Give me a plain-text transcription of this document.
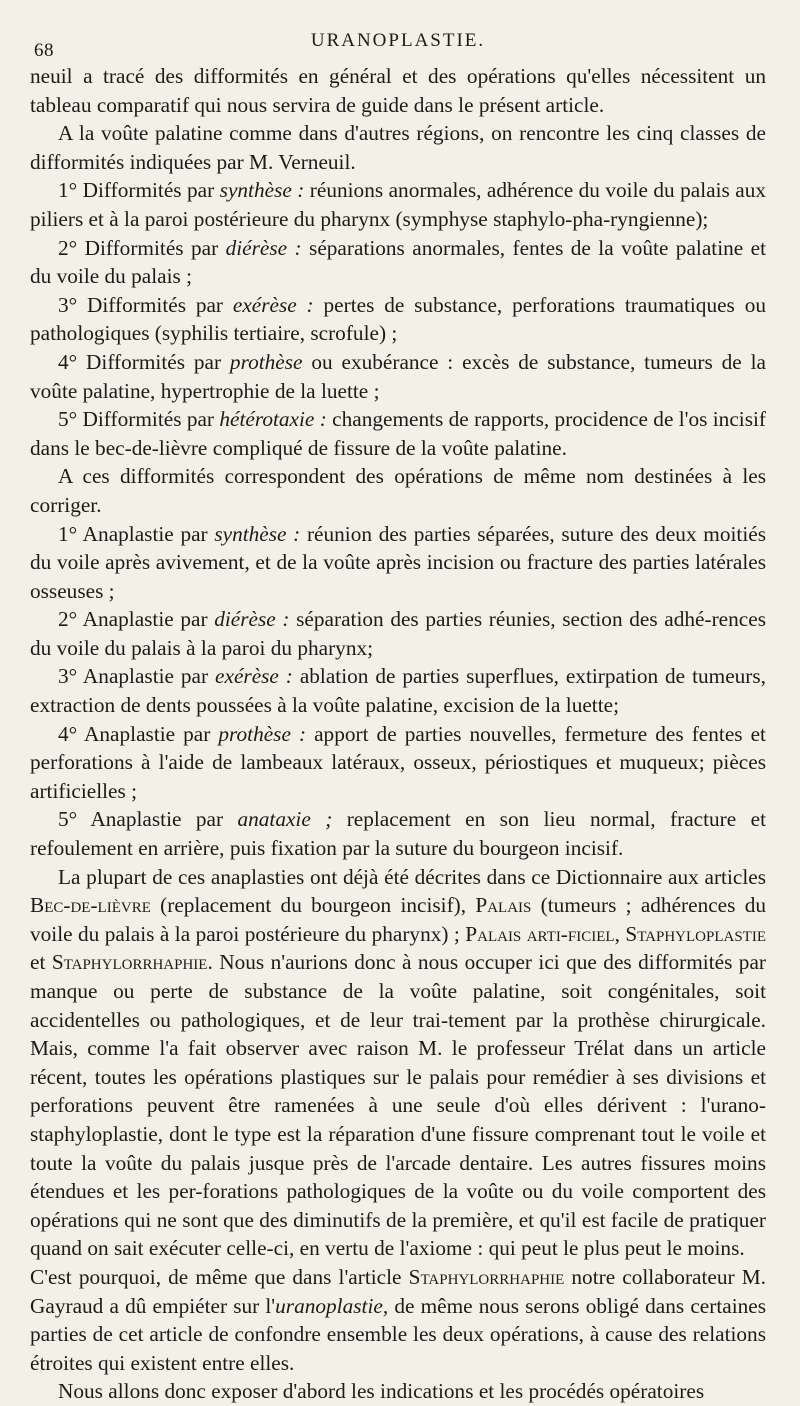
68	URANOPLASTIE.

neuil a tracé des difformités en général et des opérations qu'elles nécessitent un tableau comparatif qui nous servira de guide dans le présent article.

A la voûte palatine comme dans d'autres régions, on rencontre les cinq classes de difformités indiquées par M. Verneuil.

1° Difformités par synthèse : réunions anormales, adhérence du voile du palais aux piliers et à la paroi postérieure du pharynx (symphyse staphylo-pha-ryngienne);

2° Difformités par diérèse : séparations anormales, fentes de la voûte palatine et du voile du palais ;

3° Difformités par exérèse : pertes de substance, perforations traumatiques ou pathologiques (syphilis tertiaire, scrofule) ;

4° Difformités par prothèse ou exubérance : excès de substance, tumeurs de la voûte palatine, hypertrophie de la luette ;

5° Difformités par hétérotaxie : changements de rapports, procidence de l'os incisif dans le bec-de-lièvre compliqué de fissure de la voûte palatine.

A ces difformités correspondent des opérations de même nom destinées à les corriger.

1° Anaplastie par synthèse : réunion des parties séparées, suture des deux moitiés du voile après avivement, et de la voûte après incision ou fracture des parties latérales osseuses ;

2° Anaplastie par diérèse : séparation des parties réunies, section des adhé-rences du voile du palais à la paroi du pharynx;

3° Anaplastie par exérèse : ablation de parties superflues, extirpation de tumeurs, extraction de dents poussées à la voûte palatine, excision de la luette;

4° Anaplastie par prothèse : apport de parties nouvelles, fermeture des fentes et perforations à l'aide de lambeaux latéraux, osseux, périostiques et muqueux; pièces artificielles ;

5° Anaplastie par anataxie ; replacement en son lieu normal, fracture et refoulement en arrière, puis fixation par la suture du bourgeon incisif.

La plupart de ces anaplasties ont déjà été décrites dans ce Dictionnaire aux articles Bec-de-lièvre (replacement du bourgeon incisif), Palais (tumeurs ; adhérences du voile du palais à la paroi postérieure du pharynx) ; Palais arti-ficiel, Staphyloplastie et Staphylorrhaphie. Nous n'aurions donc à nous occuper ici que des difformités par manque ou perte de substance de la voûte palatine, soit congénitales, soit accidentelles ou pathologiques, et de leur trai-tement par la prothèse chirurgicale. Mais, comme l'a fait observer avec raison M. le professeur Trélat dans un article récent, toutes les opérations plastiques sur le palais pour remédier à ses divisions et perforations peuvent être ramenées à une seule d'où elles dérivent : l'urano-staphyloplastie, dont le type est la réparation d'une fissure comprenant tout le voile et toute la voûte du palais jusque près de l'arcade dentaire. Les autres fissures moins étendues et les per-forations pathologiques de la voûte ou du voile comportent des opérations qui ne sont que des diminutifs de la première, et qu'il est facile de pratiquer quand on sait exécuter celle-ci, en vertu de l'axiome : qui peut le plus peut le moins.

C'est pourquoi, de même que dans l'article Staphylorrhaphie notre collaborateur M. Gayraud a dû empiéter sur l'uranoplastie, de même nous serons obligé dans certaines parties de cet article de confondre ensemble les deux opérations, à cause des relations étroites qui existent entre elles.

Nous allons donc exposer d'abord les indications et les procédés opératoires
